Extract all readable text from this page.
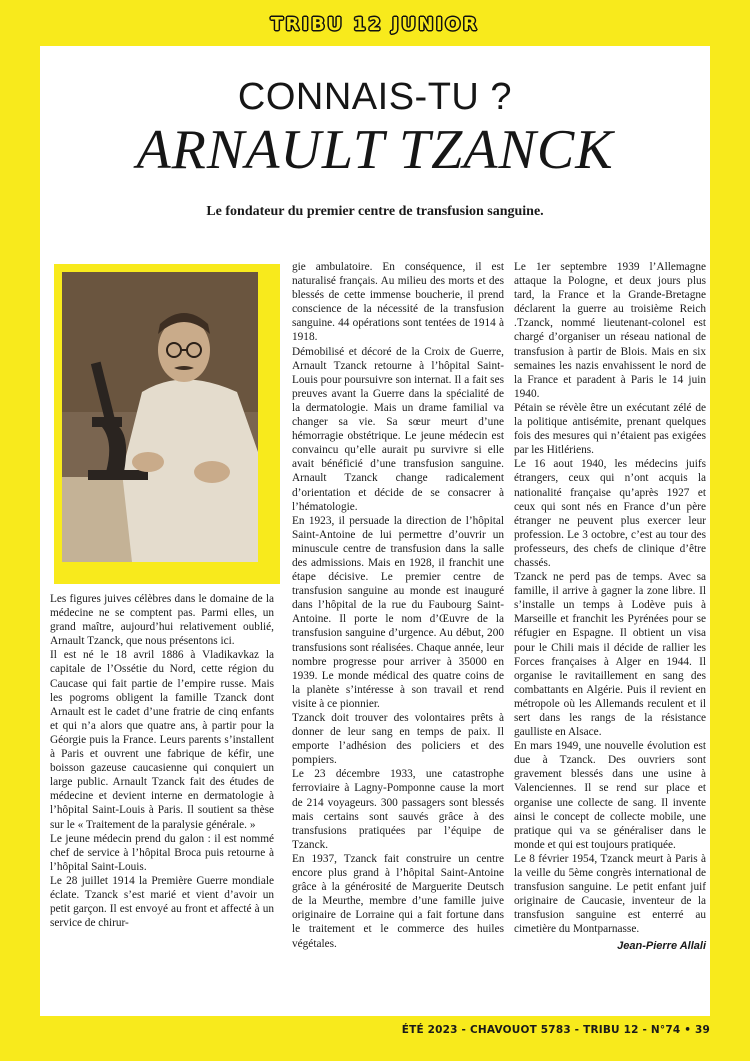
TRIBU 12 JUNIOR
CONNAIS-TU ?
ARNAULT TZANCK
Le fondateur du premier centre de transfusion sanguine.

Les figures juives célèbres dans le domaine de la médecine ne se comptent pas. Parmi elles, un grand maître, aujourd’hui relativement oublié, Arnault Tzanck, que nous présentons ici.

Il est né le 18 avril 1886 à Vladikavkaz la capitale de l’Ossétie du Nord, cette région du Caucase qui fait partie de l’empire russe. Mais les pogroms obligent la famille Tzanck dont Arnault est le cadet d’une fratrie de cinq enfants et qui n’a alors que quatre ans, à partir pour la Géorgie puis la France. Leurs parents s’installent à Paris et ouvrent une fabrique de kéfir, une boisson gazeuse caucasienne qui conquiert un large public. Arnault Tzanck fait des études de médecine et devient interne en dermatologie à l’hôpital Saint-Louis à Paris. Il soutient sa thèse sur le « Traitement de la paralysie générale. »

Le jeune médecin prend du galon : il est nommé chef de service à l’hôpital Broca puis retourne à l’hôpital Saint-Louis.

Le 28 juillet 1914 la Première Guerre mondiale éclate. Tzanck s’est marié et vient d’avoir un petit garçon. Il est envoyé au front et affecté à un service de chirur-

gie ambulatoire. En conséquence, il est naturalisé français. Au milieu des morts et des blessés de cette immense boucherie, il prend conscience de la nécessité de la transfusion sanguine. 44 opérations sont tentées de 1914 à 1918.

Démobilisé et décoré de la Croix de Guerre, Arnault Tzanck retourne à l’hôpital Saint-Louis pour poursuivre son internat. Il a fait ses preuves avant la Guerre dans la spécialité de la dermatologie. Mais un drame familial va changer sa vie. Sa sœur meurt d’une hémorragie obstétrique. Le jeune médecin est convaincu qu’elle aurait pu survivre si elle avait bénéficié d’une transfusion sanguine. Arnault Tzanck change radicalement d’orientation et décide de se consacrer à l’hématologie.

En 1923, il persuade la direction de l’hôpital Saint-Antoine de lui permettre d’ouvrir un minuscule centre de transfusion dans la salle des admissions. Mais en 1928, il franchit une étape décisive. Le premier centre de transfusion sanguine au monde est inauguré dans l’hôpital de la rue du Faubourg Saint-Antoine. Il porte le nom d’Œuvre de la transfusion sanguine d’urgence. Au début, 200 transfusions sont réalisées. Chaque année, leur nombre progresse pour arriver à 35000 en 1939. Le monde médical des quatre coins de la planète s’intéresse à son travail et rend visite à ce pionnier.

Tzanck doit trouver des volontaires prêts à donner de leur sang en temps de paix. Il emporte l’adhésion des policiers et des pompiers.

Le 23 décembre 1933, une catastrophe ferroviaire à Lagny-Pomponne cause la mort de 214 voyageurs. 300 passagers sont blessés mais certains sont sauvés grâce à des transfusions pratiquées par l’équipe de Tzanck.

En 1937, Tzanck fait construire un centre encore plus grand à l’hôpital Saint-Antoine grâce à la générosité de Marguerite Deutsch de la Meurthe, membre d’une famille juive originaire de Lorraine qui a fait fortune dans le traitement et le commerce des huiles végétales.

Le 1er septembre 1939 l’Allemagne attaque la Pologne, et deux jours plus tard, la France et la Grande-Bretagne déclarent la guerre au troisième Reich .Tzanck, nommé lieutenant-colonel est chargé d’organiser un réseau national de transfusion à partir de Blois. Mais en six semaines les nazis envahissent le nord de la France et paradent à Paris le 14 juin 1940.

Pétain se révèle être un exécutant zélé de la politique antisémite, prenant quelques fois des mesures qui n’étaient pas exigées par les Hitlériens.

Le 16 aout 1940, les médecins juifs étrangers, ceux qui n’ont acquis la nationalité française qu’après 1927 et ceux qui sont nés en France d’un père étranger ne peuvent plus exercer leur profession. Le 3 octobre, c’est au tour des professeurs, des chefs de clinique d’être chassés.

Tzanck ne perd pas de temps. Avec sa famille, il arrive à gagner la zone libre. Il s’installe un temps à Lodève puis à Marseille et franchit les Pyrénées pour se réfugier en Espagne. Il obtient un visa pour le Chili mais il décide de rallier les Forces françaises à Alger en 1944. Il organise le ravitaillement en sang des combattants en Algérie. Puis il revient en métropole où les Allemands reculent et il sert dans les rangs de la résistance gaulliste en Alsace.

En mars 1949, une nouvelle évolution est due à Tzanck. Des ouvriers sont gravement blessés dans une usine à Valenciennes. Il se rend sur place et organise une collecte de sang. Il invente ainsi le concept de collecte mobile, une pratique qui va se généraliser dans le monde et qui est toujours pratiquée.

Le 8 février 1954, Tzanck meurt à Paris à la veille du 5ème congrès international de transfusion sanguine. Le petit enfant juif originaire de Caucasie, inventeur de la transfusion sanguine est enterré au cimetière du Montparnasse.

Jean-Pierre Allali
ÉTÉ 2023 - CHAVOUOT 5783 - TRIBU 12 - N°74 • 39
